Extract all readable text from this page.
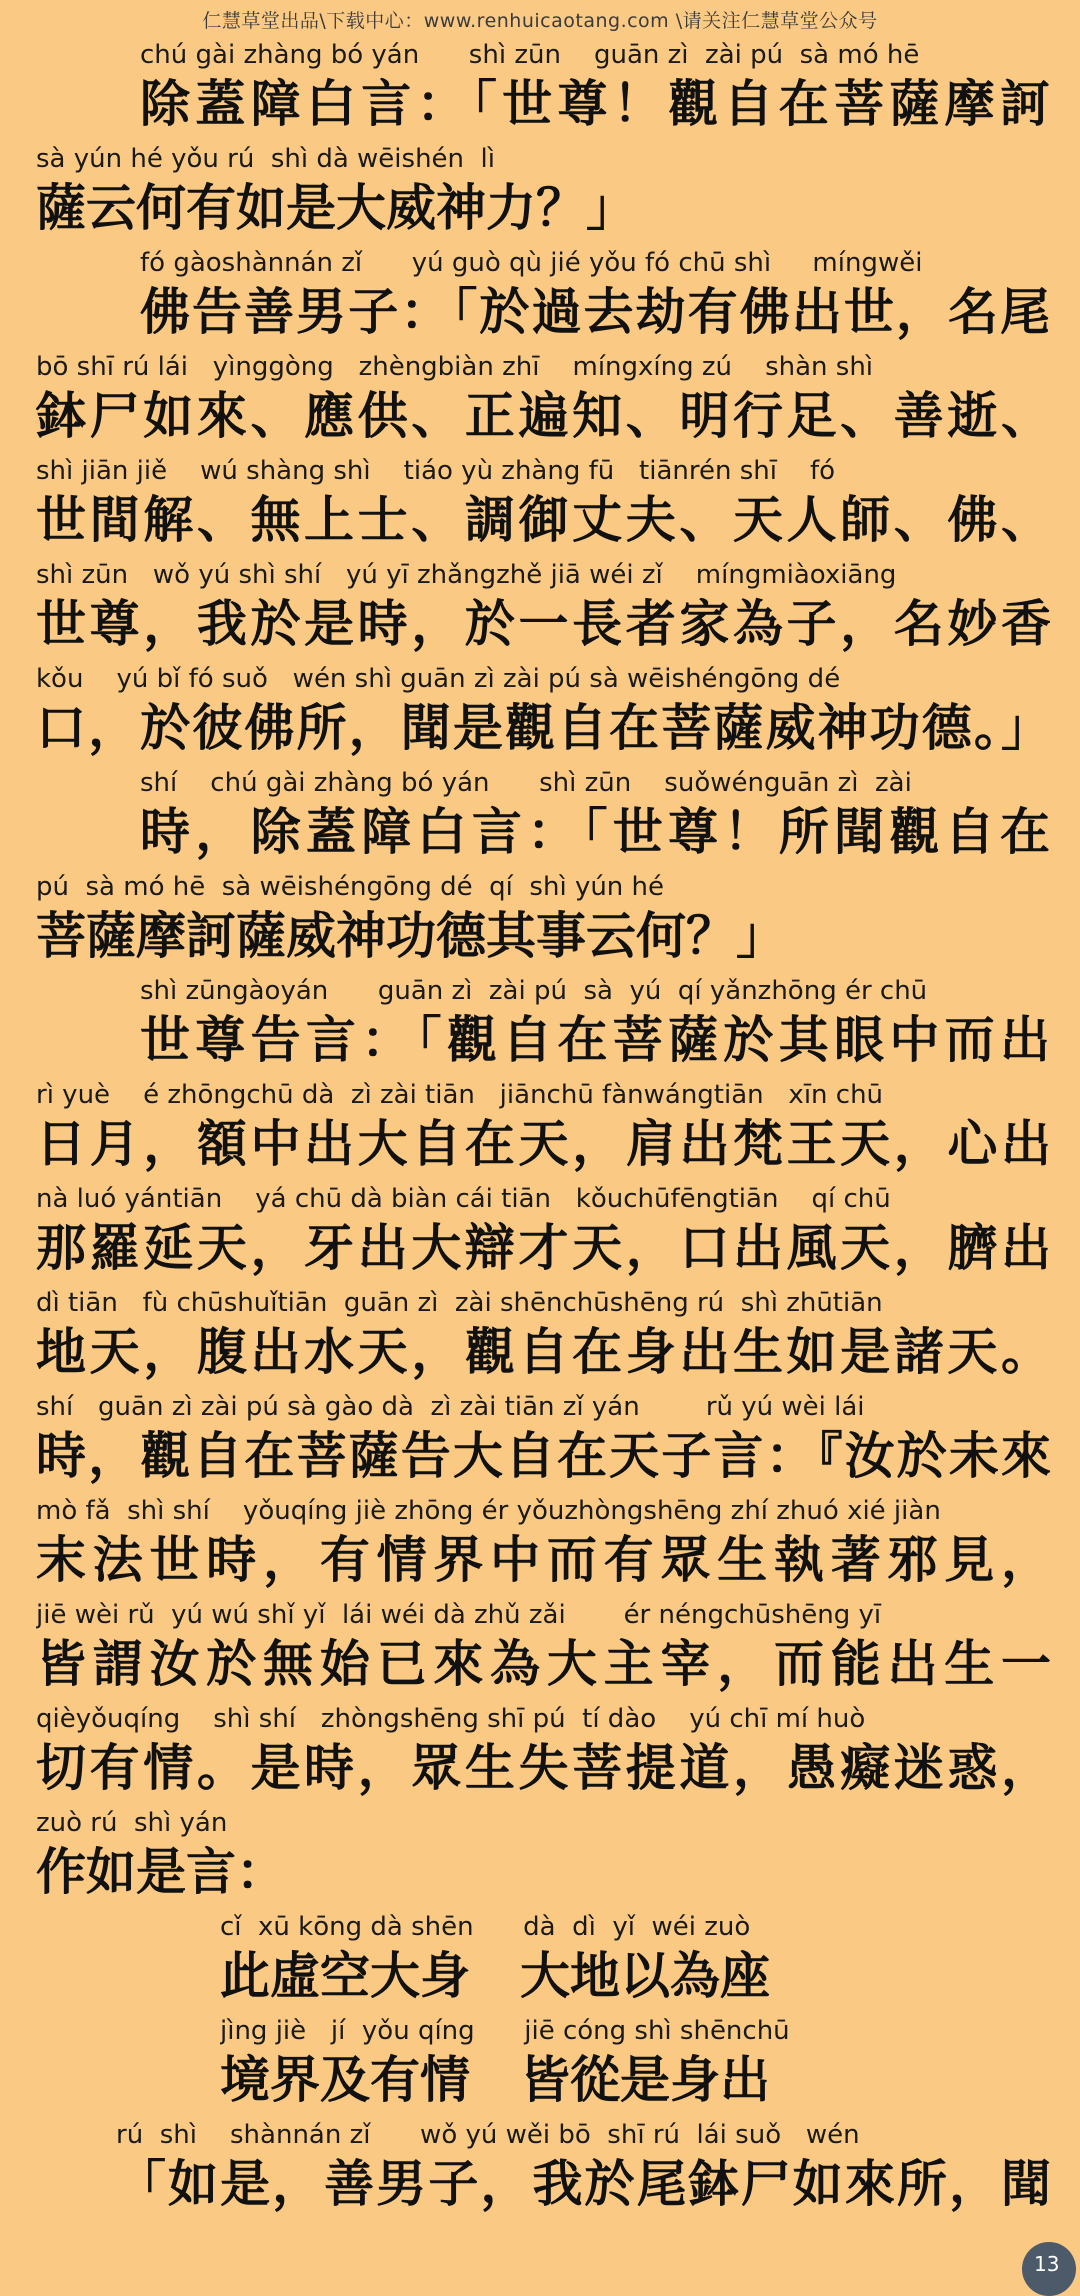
仁慧草堂出品\下载中心：www.renhuicaotang.com \请关注仁慧草堂公众号
chú gài zhàng bó yán      shì zūn    guān zì  zài pú  sà mó hē
除蓋障白言：「世尊！觀自在菩薩摩訶
sà yún hé yǒu rú  shì dà wēishén  lì
薩云何有如是大威神力？」
fó gàoshànnán zǐ      yú guò qù jié yǒu fó chū shì     míngwěi
佛告善男子：「於過去劫有佛出世，名尾
bō shī rú lái   yìnggòng   zhèngbiàn zhī    míngxíng zú    shàn shì
鉢尸如來、應供、正遍知、明行足、善逝、
shì jiān jiě    wú shàng shì    tiáo yù zhàng fū   tiānrén shī    fó
世間解、無上士、調御丈夫、天人師、佛、
shì zūn   wǒ yú shì shí   yú yī zhǎngzhě jiā wéi zǐ    míngmiàoxiāng
世尊，我於是時，於一長者家為子，名妙香
kǒu    yú bǐ fó suǒ   wén shì guān zì zài pú sà wēishéngōng dé
口，於彼佛所，聞是觀自在菩薩威神功德。」
shí    chú gài zhàng bó yán      shì zūn    suǒwénguān zì  zài
時，除蓋障白言：「世尊！所聞觀自在
pú  sà mó hē  sà wēishéngōng dé  qí  shì yún hé
菩薩摩訶薩威神功德其事云何？」
shì zūngàoyán      guān zì  zài pú  sà  yú  qí yǎnzhōng ér chū
世尊告言：「觀自在菩薩於其眼中而出
rì yuè    é zhōngchū dà  zì zài tiān   jiānchū fànwángtiān   xīn chū
日月，額中出大自在天，肩出梵王天，心出
nà luó yántiān    yá chū dà biàn cái tiān   kǒuchūfēngtiān    qí chū
那羅延天，牙出大辯才天，口出風天，臍出
dì tiān   fù chūshuǐtiān  guān zì  zài shēnchūshēng rú  shì zhūtiān
地天，腹出水天，觀自在身出生如是諸天。
shí   guān zì zài pú sà gào dà  zì zài tiān zǐ yán        rǔ yú wèi lái
時，觀自在菩薩告大自在天子言：『汝於未來
mò fǎ  shì shí    yǒuqíng jiè zhōng ér yǒuzhòngshēng zhí zhuó xié jiàn
末法世時，有情界中而有眾生執著邪見，
jiē wèi rǔ  yú wú shǐ yǐ  lái wéi dà zhǔ zǎi       ér néngchūshēng yī
皆謂汝於無始已來為大主宰，而能出生一
qièyǒuqíng    shì shí   zhòngshēng shī pú  tí dào    yú chī mí huò
切有情。是時，眾生失菩提道，愚癡迷惑，
zuò rú  shì yán
作如是言：
cǐ  xū kōng dà shēn      dà  dì  yǐ  wéi zuò
此虛空大身　大地以為座
jìng jiè   jí  yǒu qíng      jiē cóng shì shēnchū
境界及有情　皆從是身出
rú  shì    shànnán zǐ      wǒ yú wěi bō  shī rú  lái suǒ   wén
「如是，善男子，我於尾鉢尸如來所，聞
13
